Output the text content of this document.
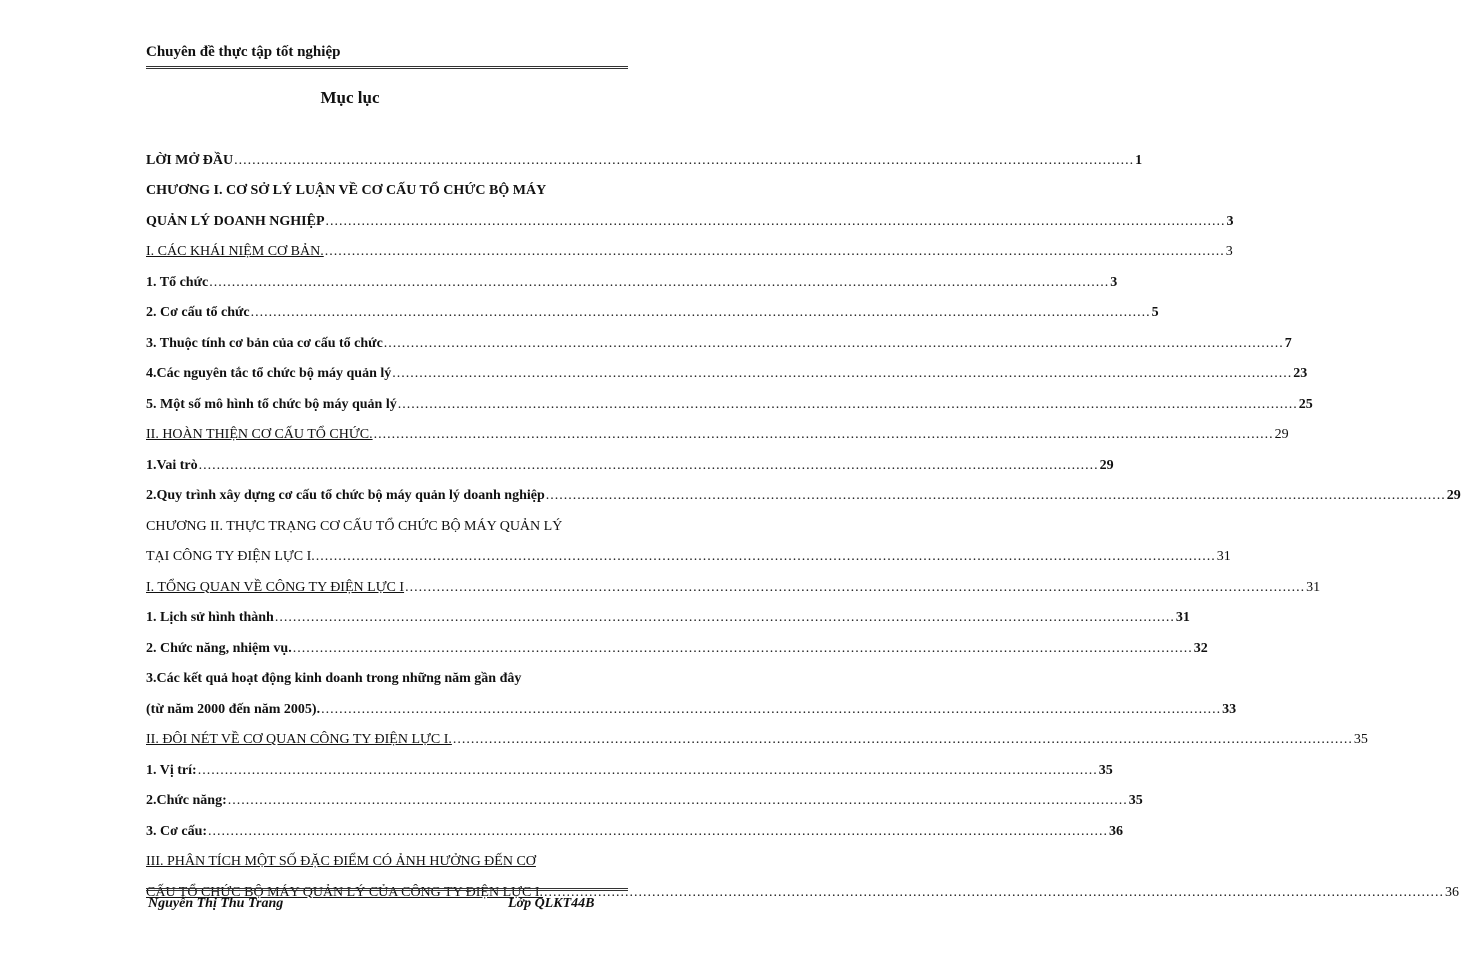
Chuyên đề thực tập tốt nghiệp
Mục lục
LỜI MỞ ĐẦU ........................................................................................................................................................................................................ 1
CHƯƠNG I. CƠ SỞ LÝ LUẬN VỀ CƠ CẤU TỔ CHỨC BỘ MÁY
QUẢN LÝ DOANH NGHIỆP ........................................................................................................................................................................................................ 3
I. CÁC KHÁI NIỆM CƠ BẢN. ........................................................................................................................................................................................................ 3
1. Tổ chức ........................................................................................................................................................................................................ 3
2. Cơ cấu tổ chức ........................................................................................................................................................................................................ 5
3. Thuộc tính cơ bản của cơ cấu tổ chức ........................................................................................................................................................................................................ 7
4.Các nguyên tắc tổ chức bộ máy quản lý ........................................................................................................................................................................................................ 23
5. Một số mô hình tổ chức bộ máy quản lý ........................................................................................................................................................................................................ 25
II. HOÀN THIỆN CƠ CẤU TỔ CHỨC. ........................................................................................................................................................................................................ 29
1.Vai trò ........................................................................................................................................................................................................ 29
2.Quy trình xây dựng cơ cấu tổ chức bộ máy quản lý doanh nghiệp ........................................................................................................................................................................................................ 29
CHƯƠNG II. THỰC TRẠNG CƠ CẤU TỔ CHỨC BỘ MÁY QUẢN LÝ
TẠI CÔNG TY ĐIỆN LỰC I. ........................................................................................................................................................................................................ 31
I. TỔNG QUAN VỀ CÔNG TY ĐIỆN LỰC I ........................................................................................................................................................................................................ 31
1. Lịch sử hình thành ........................................................................................................................................................................................................ 31
2. Chức năng, nhiệm vụ. ........................................................................................................................................................................................................ 32
3.Các kết quả hoạt động kinh doanh trong những năm gần đây
(từ năm 2000 đến năm 2005). ........................................................................................................................................................................................................ 33
II. ĐÔI NÉT VỀ CƠ QUAN CÔNG TY ĐIỆN LỰC I. ........................................................................................................................................................................................................ 35
1. Vị trí: ........................................................................................................................................................................................................ 35
2.Chức năng: ........................................................................................................................................................................................................ 35
3. Cơ cấu: ........................................................................................................................................................................................................ 36
III. PHÂN TÍCH MỘT SỐ ĐẶC ĐIỂM CÓ ẢNH HƯỞNG ĐẾN CƠ
CẤU TỔ CHỨC BỘ MÁY QUẢN LÝ CỦA CÔNG TY ĐIỆN LỰC I. ........................................................................................................................................................................................................ 36
Nguyễn Thị Thu Trang	Lớp QLKT44B
